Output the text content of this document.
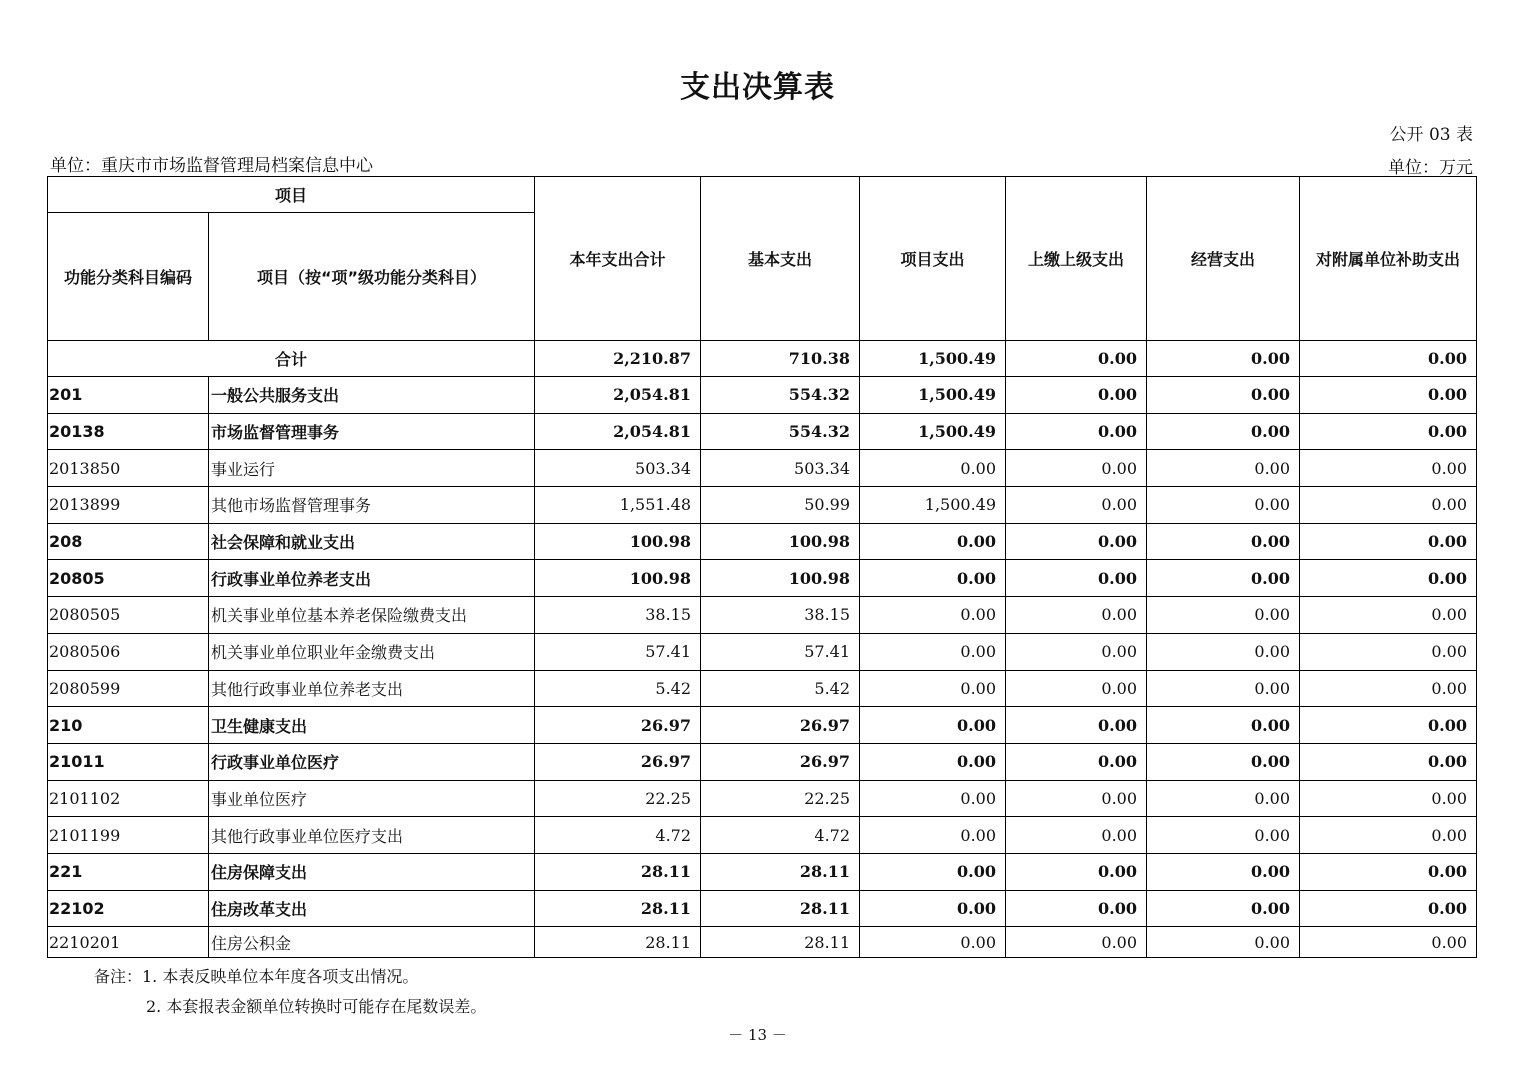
支出决算表
公开 03 表
单位：重庆市市场监督管理局档案信息中心	单位：万元
项目		本年支出合计	基本支出	项目支出	上缴上级支出	经营支出	对附属单位补助支出
功能分类科目编码	项目（按“项”级功能分类科目）						
合计		2,210.87	710.38	1,500.49	0.00	0.00	0.00
201	一般公共服务支出	2,054.81	554.32	1,500.49	0.00	0.00	0.00
20138	市场监督管理事务	2,054.81	554.32	1,500.49	0.00	0.00	0.00
2013850	事业运行	503.34	503.34	0.00	0.00	0.00	0.00
2013899	其他市场监督管理事务	1,551.48	50.99	1,500.49	0.00	0.00	0.00
208	社会保障和就业支出	100.98	100.98	0.00	0.00	0.00	0.00
20805	行政事业单位养老支出	100.98	100.98	0.00	0.00	0.00	0.00
2080505	机关事业单位基本养老保险缴费支出	38.15	38.15	0.00	0.00	0.00	0.00
2080506	机关事业单位职业年金缴费支出	57.41	57.41	0.00	0.00	0.00	0.00
2080599	其他行政事业单位养老支出	5.42	5.42	0.00	0.00	0.00	0.00
210	卫生健康支出	26.97	26.97	0.00	0.00	0.00	0.00
21011	行政事业单位医疗	26.97	26.97	0.00	0.00	0.00	0.00
2101102	事业单位医疗	22.25	22.25	0.00	0.00	0.00	0.00
2101199	其他行政事业单位医疗支出	4.72	4.72	0.00	0.00	0.00	0.00
221	住房保障支出	28.11	28.11	0.00	0.00	0.00	0.00
22102	住房改革支出	28.11	28.11	0.00	0.00	0.00	0.00
2210201	住房公积金	28.11	28.11	0.00	0.00	0.00	0.00
备注：1. 本表反映单位本年度各项支出情况。
2. 本套报表金额单位转换时可能存在尾数误差。
－ 13 －
